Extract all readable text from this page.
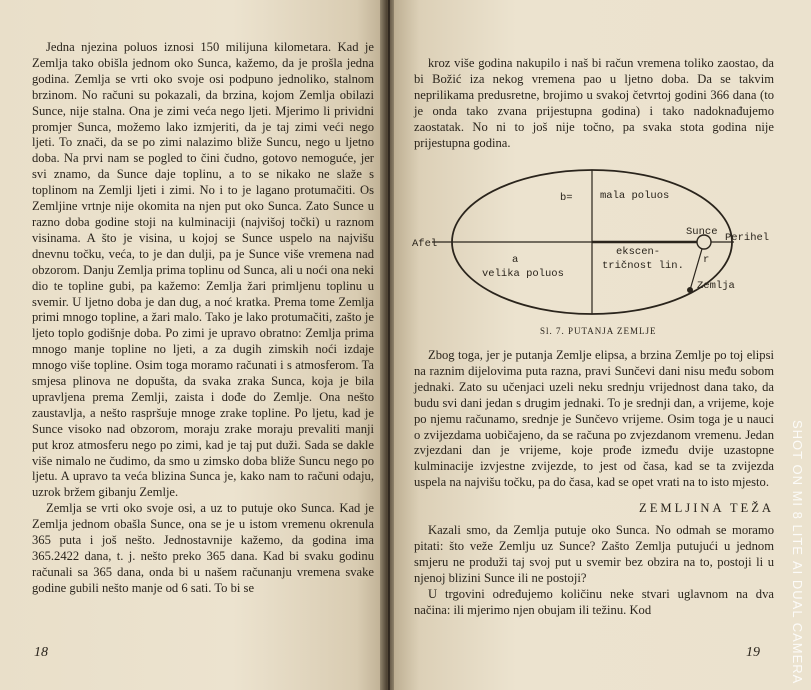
Jedna njezina poluos iznosi 150 milijuna kilometara. Kad je Zemlja tako obišla jednom oko Sunca, kažemo, da je prošla jedna godina. Zemlja se vrti oko svoje osi podpuno jednoliko, stalnom brzinom. No računi su pokazali, da brzina, kojom Zemlja obilazi Sunce, nije stalna. Ona je zimi veća nego ljeti. Mjerimo li prividni promjer Sunca, možemo lako izmjeriti, da je taj zimi veći nego ljeti. To znači, da se po zimi nalazimo bliže Suncu, nego u ljetno doba. Na prvi nam se pogled to čini čudno, gotovo nemoguće, jer svi znamo, da Sunce daje toplinu, a to se nikako ne slaže s toplinom na Zemlji ljeti i zimi. No i to je lagano protumačiti. Os Zemljine vrtnje nije okomita na njen put oko Sunca. Zato Sunce u razno doba godine stoji na kulminaciji (najvišoj točki) u raznom visinama. A što je visina, u kojoj se Sunce uspelo na najvišu dnevnu točku, veća, to je dan dulji, pa je Sunce više vremena nad obzorom. Danju Zemlja prima toplinu od Sunca, ali u noći ona neki dio te topline gubi, pa kažemo: Zemlja žari primljenu toplinu u svemir. U ljetno doba je dan dug, a noć kratka. Prema tome Zemlja primi mnogo topline, a žari malo. Tako je lako protumačiti, zašto je ljeto toplo godišnje doba. Po zimi je upravo obratno: Zemlja prima mnogo manje topline no ljeti, a za dugih zimskih noći izdaje mnogo više topline. Osim toga moramo računati i s atmosferom. Ta smjesa plinova ne dopušta, da svaka zraka Sunca, koja je bila upravljena prema Zemlji, zaista i dođe do Zemlje. Ona nešto zaustavlja, a nešto raspršuje mnoge zrake topline. Po ljetu, kad je Sunce visoko nad obzorom, moraju zrake moraju prevaliti manji put kroz atmosferu nego po zimi, kad je taj put duži. Sada se dakle više nimalo ne čudimo, da smo u zimsko doba bliže Suncu nego po ljetu. A upravo ta veća blizina Sunca je, kako nam to računi odaju, uzrok bržem gibanju Zemlje.

Zemlja se vrti oko svoje osi, a uz to putuje oko Sunca. Kad je Zemlja jednom obašla Sunce, ona se je u istom vremenu okrenula 365 puta i još nešto. Jednostavnije kažemo, da godina ima 365.2422 dana, t. j. nešto preko 365 dana. Kad bi svaku godinu računali sa 365 dana, onda bi u našem računanju vremena svake godine gubili nešto manje od 6 sati. To bi se

18

kroz više godina nakupilo i naš bi račun vremena toliko zaostao, da bi Božić iza nekog vremena pao u ljetno doba. Da se takvim neprilikama predusretne, brojimo u svakoj četvrtoj godini 366 dana (to je onda tako zvana prijestupna godina) i tako nadoknađujemo zaostatak. No ni to još nije točno, pa svaka stota godina nije prijestupna godina.

b=	mala poluos
a
velika poluos
ekscen-
tričnost lin.
Afel
Sunce Perihel
r
Zemlja
Sl. 7. PUTANJA ZEMLJE

Zbog toga, jer je putanja Zemlje elipsa, a brzina Zemlje po toj elipsi na raznim dijelovima puta razna, pravi Sunčevi dani nisu među sobom jednaki. Zato su učenjaci uzeli neku srednju vrijednost dana tako, da budu svi dani jedan s drugim jednaki. To je srednji dan, a vrijeme, koje po njemu računamo, srednje je Sunčevo vrijeme. Osim toga je u nauci o zvijezdama uobičajeno, da se računa po zvjezdanom vremenu. Jedan zvjezdani dan je vrijeme, koje prođe između dvije uzastopne kulminacije izvjestne zvijezde, to jest od časa, kad se ta zvijezda uspela na najvišu točku, pa do časa, kad se opet vrati na to isto mjesto.

ZEMLJINA TEŽA

Kazali smo, da Zemlja putuje oko Sunca. No odmah se moramo pitati: što veže Zemlju uz Sunce? Zašto Zemlja putujući u jednom smjeru ne produži taj svoj put u svemir bez obzira na to, postoji li u njenoj blizini Sunce ili ne postoji?

U trgovini određujemo količinu neke stvari uglavnom na dva načina: ili mjerimo njen obujam ili težinu. Kod

19
SHOT ON MI 8 LITE AI DUAL CAMERA
